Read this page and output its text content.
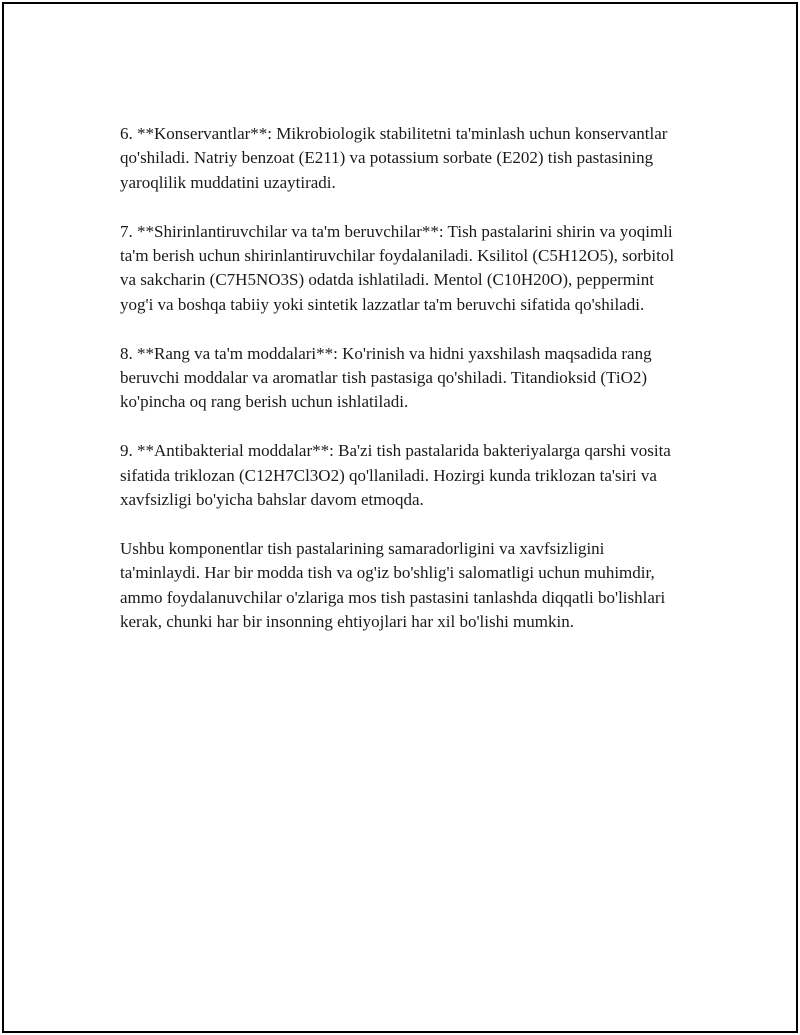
6. **Konservantlar**: Mikrobiologik stabilitetni ta'minlash uchun konservantlar qo'shiladi. Natriy benzoat (E211) va potassium sorbate (E202) tish pastasining yaroqlilik muddatini uzaytiradi.

7. **Shirinlantiruvchilar va ta'm beruvchilar**: Tish pastalarini shirin va yoqimli ta'm berish uchun shirinlantiruvchilar foydalaniladi. Ksilitol (C5H12O5), sorbitol va sakcharin (C7H5NO3S) odatda ishlatiladi. Mentol (C10H20O), peppermint yog'i va boshqa tabiiy yoki sintetik lazzatlar ta'm beruvchi sifatida qo'shiladi.

8. **Rang va ta'm moddalari**: Ko'rinish va hidni yaxshilash maqsadida rang beruvchi moddalar va aromatlar tish pastasiga qo'shiladi. Titandioksid (TiO2) ko'pincha oq rang berish uchun ishlatiladi.

9. **Antibakterial moddalar**: Ba'zi tish pastalarida bakteriyalarga qarshi vosita sifatida triklozan (C12H7Cl3O2) qo'llaniladi. Hozirgi kunda triklozan ta'siri va xavfsizligi bo'yicha bahslar davom etmoqda.

Ushbu komponentlar tish pastalarining samaradorligini va xavfsizligini ta'minlaydi. Har bir modda tish va og'iz bo'shlig'i salomatligi uchun muhimdir, ammo foydalanuvchilar o'zlariga mos tish pastasini tanlashda diqqatli bo'lishlari kerak, chunki har bir insonning ehtiyojlari har xil bo'lishi mumkin.
